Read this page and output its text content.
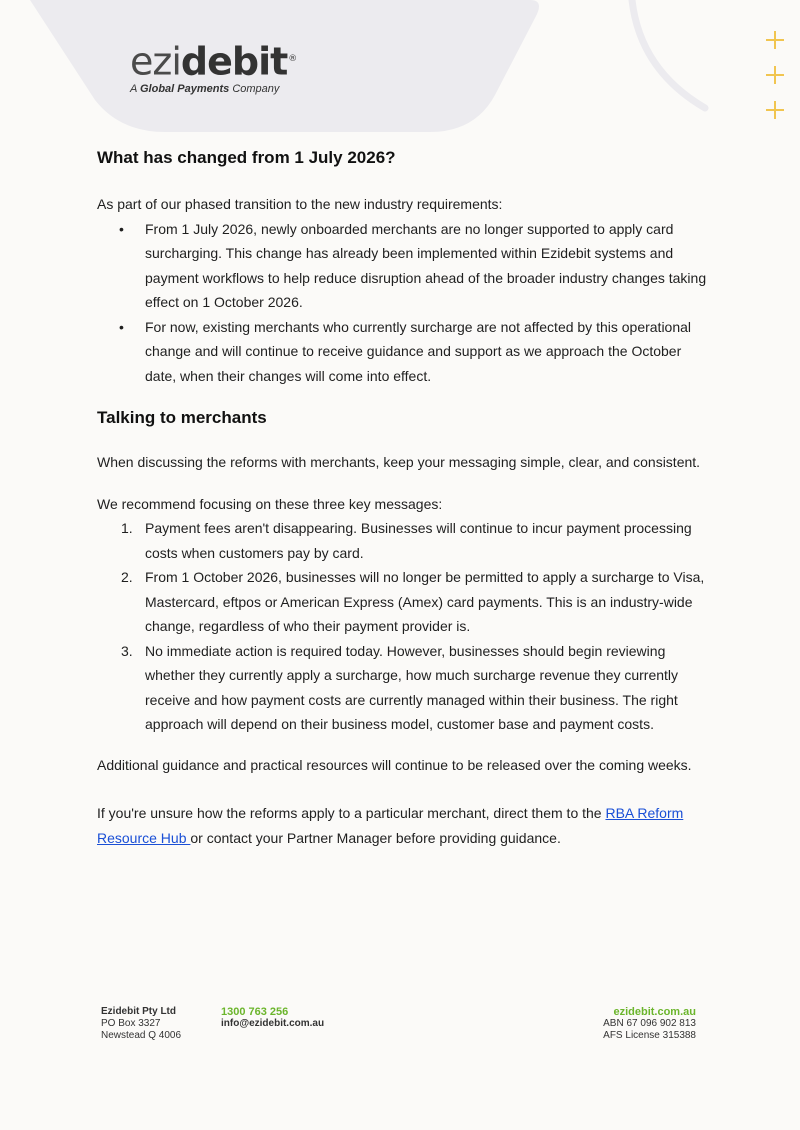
ezidebit®
A Global Payments Company
What has changed from 1 July 2026?

As part of our phased transition to the new industry requirements:

• From 1 July 2026, newly onboarded merchants are no longer supported to apply card surcharging. This change has already been implemented within Ezidebit systems and payment workflows to help reduce disruption ahead of the broader industry changes taking effect on 1 October 2026.
• For now, existing merchants who currently surcharge are not affected by this operational change and will continue to receive guidance and support as we approach the October date, when their changes will come into effect.
Talking to merchants

When discussing the reforms with merchants, keep your messaging simple, clear, and consistent.

We recommend focusing on these three key messages:

1. Payment fees aren't disappearing. Businesses will continue to incur payment processing costs when customers pay by card.
2. From 1 October 2026, businesses will no longer be permitted to apply a surcharge to Visa, Mastercard, eftpos or American Express (Amex) card payments. This is an industry-wide change, regardless of who their payment provider is.
3. No immediate action is required today. However, businesses should begin reviewing whether they currently apply a surcharge, how much surcharge revenue they currently receive and how payment costs are currently managed within their business. The right approach will depend on their business model, customer base and payment costs.

Additional guidance and practical resources will continue to be released over the coming weeks.

If you're unsure how the reforms apply to a particular merchant, direct them to the RBA Reform Resource Hub or contact your Partner Manager before providing guidance.

Ezidebit Pty Ltd
PO Box 3327
Newstead Q 4006
1300 763 256
info@ezidebit.com.au
ezidebit.com.au
ABN 67 096 902 813
AFS License 315388
